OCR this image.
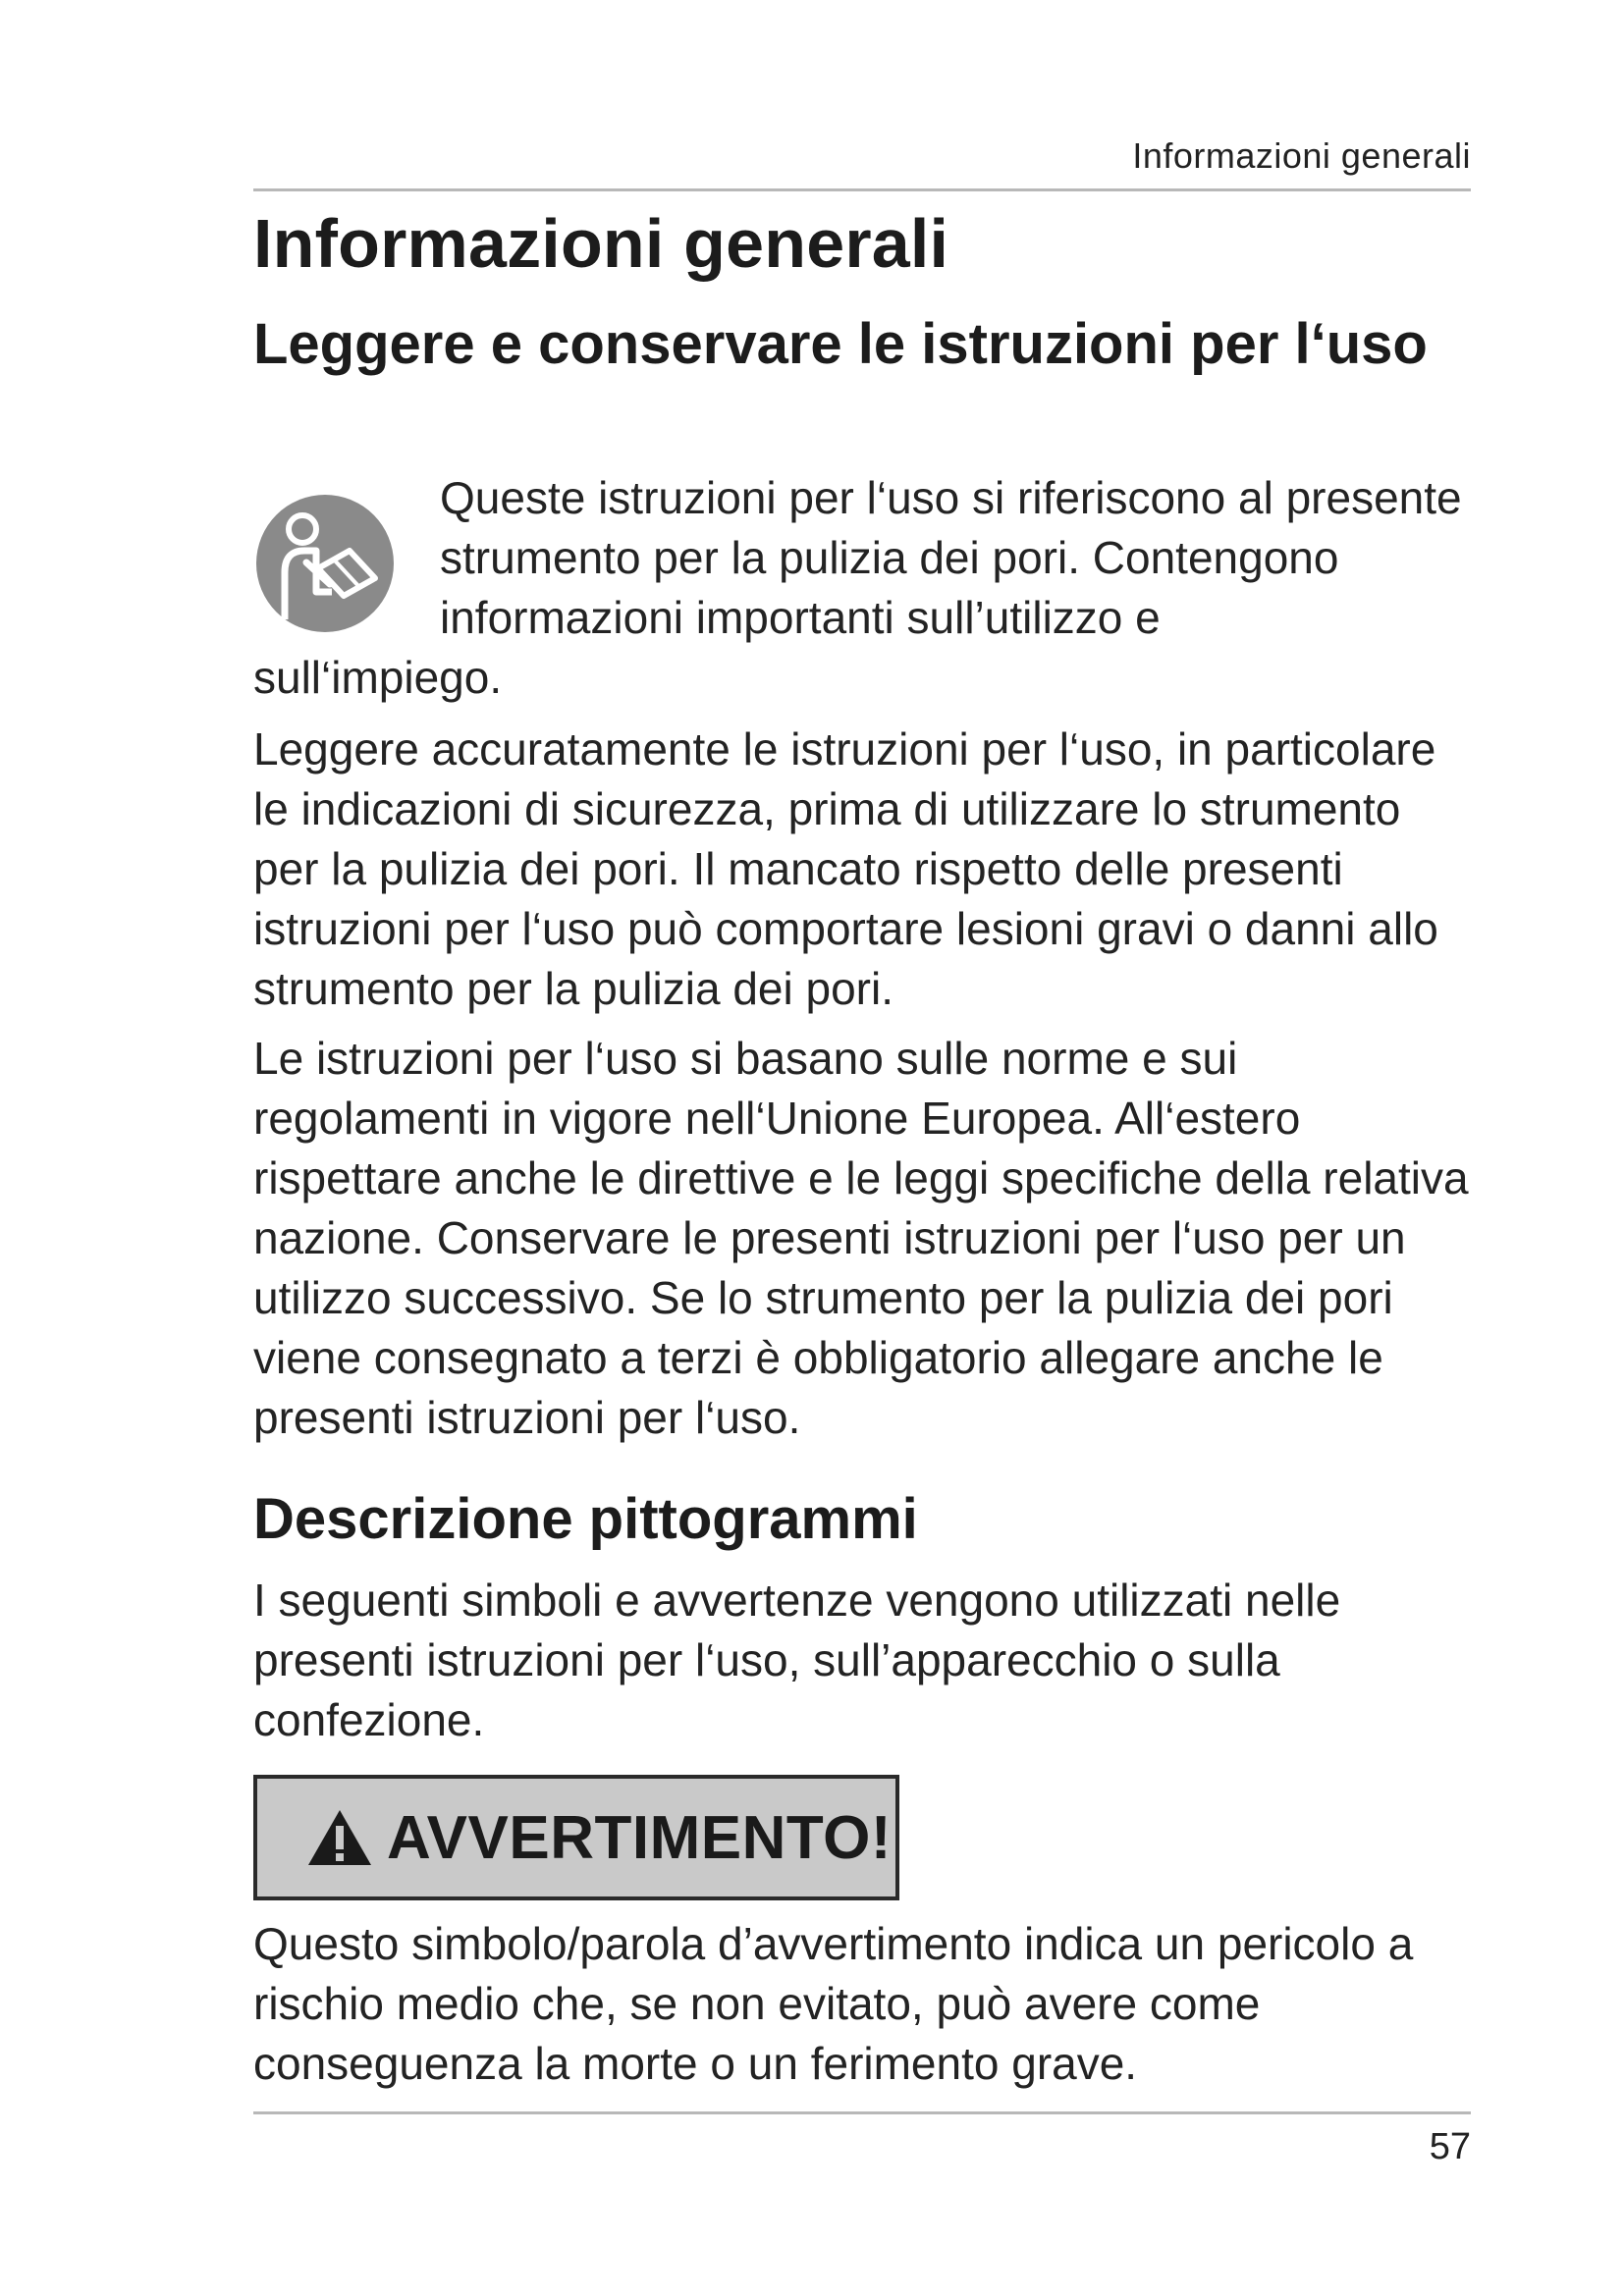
Informazioni generali
Informazioni generali
Leggere e conservare le istruzioni per l‘uso

Queste istruzioni per l‘uso si riferiscono al presente strumento per la pulizia dei pori. Contengono informazioni importanti sull’utilizzo e

sull‘impiego.

Leggere accuratamente le istruzioni per l‘uso, in particolare le indicazioni di sicurezza, prima di utilizzare lo strumento per la pulizia dei pori. Il mancato rispetto delle presenti istruzioni per l‘uso può comportare lesioni gravi o danni allo strumento per la pulizia dei pori.

Le istruzioni per l‘uso si basano sulle norme e sui regolamenti in vigore nell‘Unione Europea. All‘estero rispettare anche le direttive e le leggi specifiche della relativa nazione. Conservare le presenti istruzioni per l‘uso per un utilizzo successivo. Se lo strumento per la pulizia dei pori viene consegnato a terzi è obbligatorio allegare anche le presenti istruzioni per l‘uso.

Descrizione pittogrammi

I seguenti simboli e avvertenze vengono utilizzati nelle presenti istruzioni per l‘uso, sull’apparecchio o sulla confezione.

AVVERTIMENTO!

Questo simbolo/parola d’avvertimento indica un pericolo a rischio medio che, se non evitato, può avere come conseguenza la morte o un ferimento grave.

57
